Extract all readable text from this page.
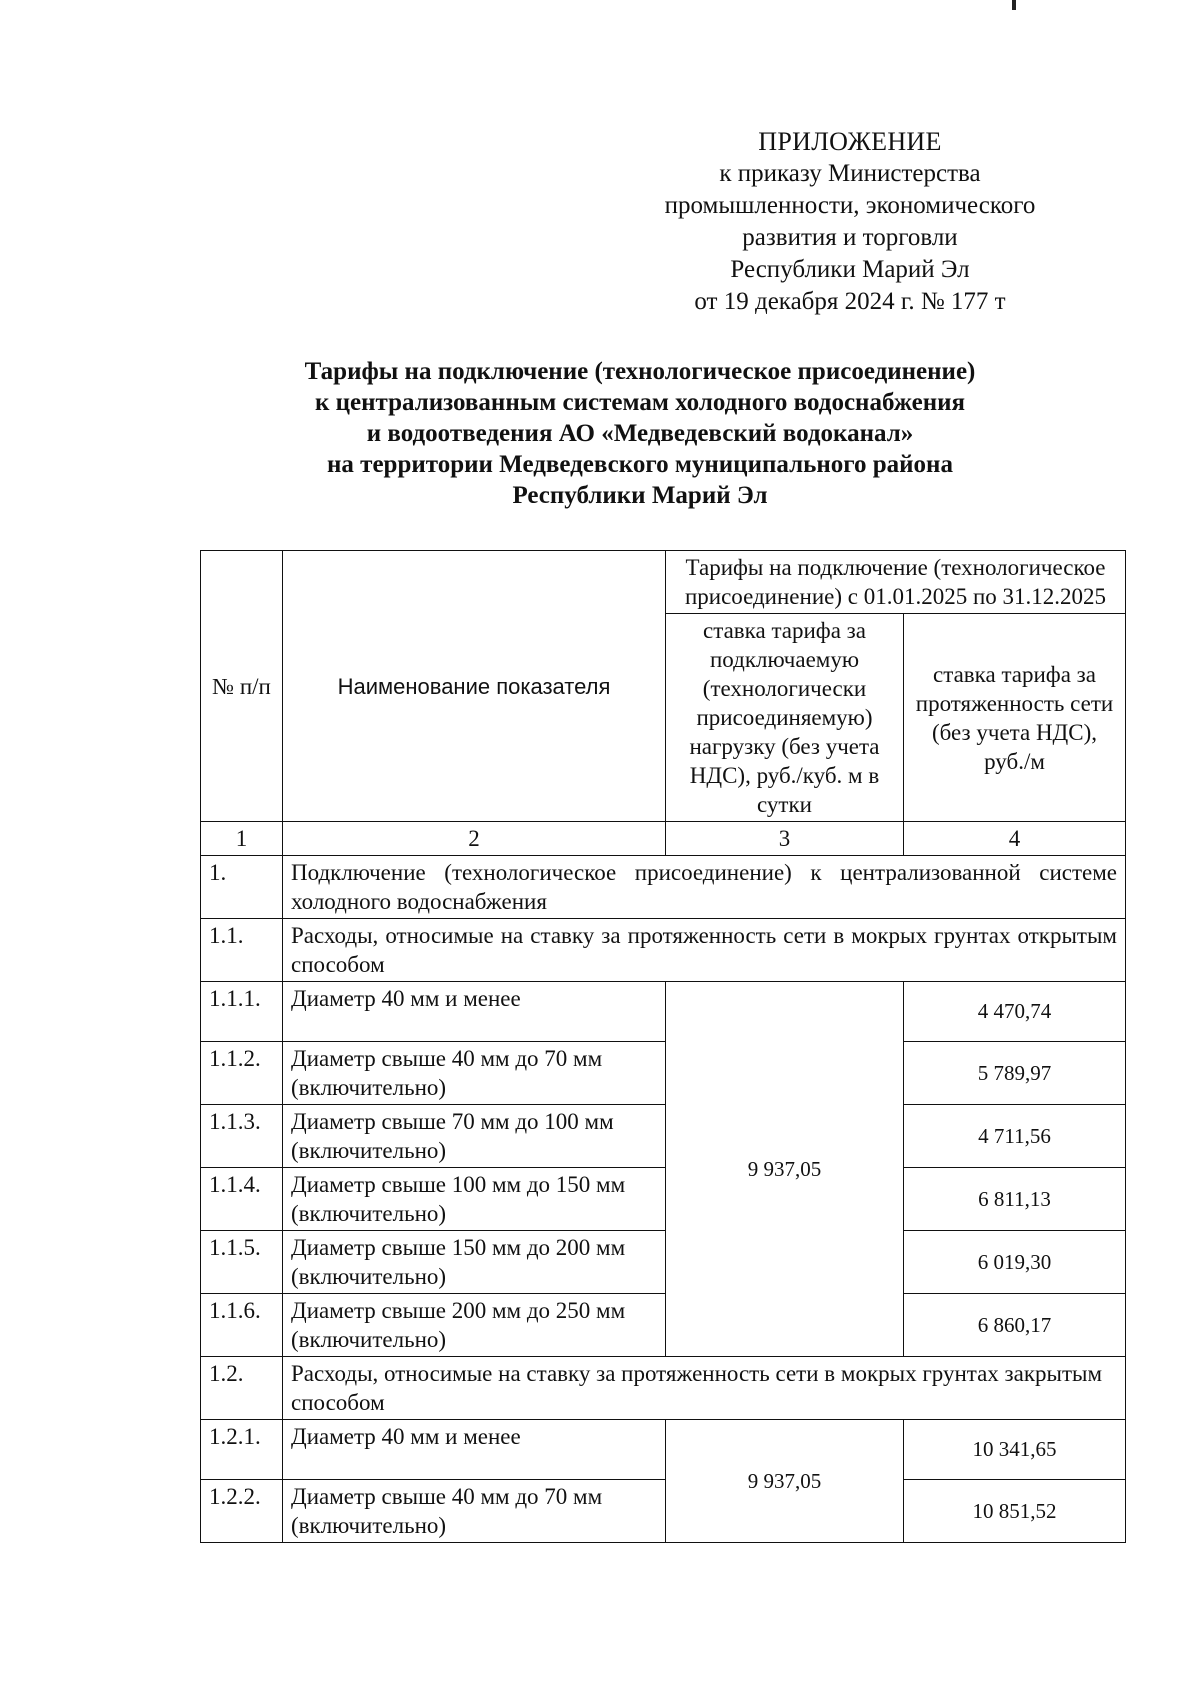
ПРИЛОЖЕНИЕ
к приказу Министерства
промышленности, экономического
развития и торговли
Республики Марий Эл
от 19 декабря 2024 г. № 177 т
Тарифы на подключение (технологическое присоединение)
к централизованным системам холодного водоснабжения
и водоотведения АО «Медведевский водоканал»
на территории Медведевского муниципального района
Республики Марий Эл
№ п/п	Наименование показателя	Тарифы на подключение (технологическое присоединение) с 01.01.2025 по 31.12.2025	
		ставка тарифа за подключаемую (технологически присоединяемую) нагрузку (без учета НДС), руб./куб. м в сутки	ставка тарифа за протяженность сети (без учета НДС), руб./м
1	2	3	4
1.	Подключение (технологическое присоединение) к централизованной системе холодного водоснабжения		
1.1.	Расходы, относимые на ставку за протяженность сети в мокрых грунтах открытым способом		
1.1.1.	Диаметр 40 мм и менее	9 937,05	4 470,74
1.1.2.	Диаметр свыше 40 мм до 70 мм (включительно)		5 789,97
1.1.3.	Диаметр свыше 70 мм до 100 мм (включительно)		4 711,56
1.1.4.	Диаметр свыше 100 мм до 150 мм (включительно)		6 811,13
1.1.5.	Диаметр свыше 150 мм до 200 мм (включительно)		6 019,30
1.1.6.	Диаметр свыше 200 мм до 250 мм (включительно)		6 860,17
1.2.	Расходы, относимые на ставку за протяженность сети в мокрых грунтах закрытым способом		
1.2.1.	Диаметр 40 мм и менее	9 937,05	10 341,65
1.2.2.	Диаметр свыше 40 мм до 70 мм (включительно)		10 851,52
